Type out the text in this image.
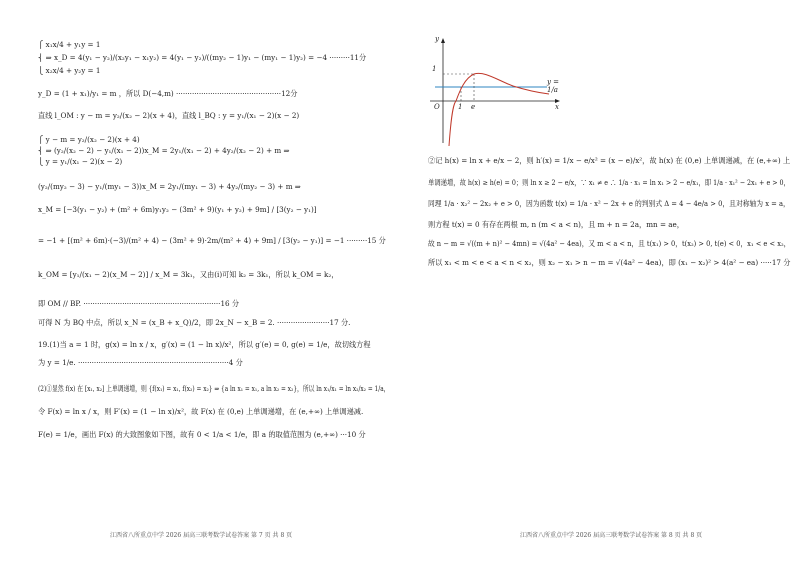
⎧ x₁x/4 + y₁y = 1
⎨ ⇒ x_D = 4(y₁ − y₂)/(x₂y₁ − x₁y₂) = 4(y₁ − y₂)/((my₂ − 1)y₁ − (my₁ − 1)y₂) = −4 ·········11分
⎩ x₂x/4 + y₂y = 1
y_D = (1 + x₁)/y₁ = m ，所以 D(−4,m) ··············································12分
直线 l_OM : y − m = y₂/(x₂ − 2)(x + 4)，直线 l_BQ : y = y₁/(x₁ − 2)(x − 2)
⎧ y − m = y₂/(x₂ − 2)(x + 4)
⎨ ⇒ (y₂/(x₂ − 2) − y₁/(x₁ − 2))x_M = 2y₁/(x₁ − 2) + 4y₂/(x₂ − 2) + m ⇒
⎩ y = y₁/(x₁ − 2)(x − 2)
(y₂/(my₂ − 3) − y₁/(my₁ − 3))x_M = 2y₁/(my₁ − 3) + 4y₂/(my₂ − 3) + m ⇒
x_M = [−3(y₁ − y₂) + (m² + 6m)y₁y₂ − (3m² + 9)(y₁ + y₂) + 9m] / [3(y₂ − y₁)]
= −1 + [(m² + 6m)·(−3)/(m² + 4) − (3m² + 9)·2m/(m² + 4) + 9m] / [3(y₂ − y₁)] = −1 ·········15 分
k_OM = [y₁/(x₁ − 2)(x_M − 2)] / x_M = 3k₁，又由(i)可知 k₂ = 3k₁，所以 k_OM = k₂，
即 OM // BP. ····························································16 分
可得 N 为 BQ 中点，所以 x_N = (x_B + x_Q)/2，即 2x_N − x_B = 2. ·······················17 分.
19.(1)当 a = 1 时，g(x) = ln x / x，g′(x) = (1 − ln x)/x²，所以 g′(e) = 0, g(e) = 1/e，故切线方程
为 y = 1/e. ··································································4 分
(2)①显然 f(x) 在 [x₁, x₂] 上单调递增，则 {f(x₁) = x₁, f(x₂) = x₂} ⇒ {a ln x₁ = x₁, a ln x₂ = x₂}，所以 ln x₁/x₁ = ln x₂/x₂ = 1/a，
令 F(x) = ln x / x，则 F′(x) = (1 − ln x)/x²，故 F(x) 在 (0,e) 上单调递增，在 (e,+∞) 上单调递减.
F(e) = 1/e，画出 F(x) 的大致图象如下图，故有 0 < 1/a < 1/e，即 a 的取值范围为 (e,+∞) ···10 分
江西省八所重点中学 2026 届高三联考数学试卷答案 第 7 页 共 8 页
y
x
O
1
1 e
y = 1/a
②记 h(x) = ln x + e/x − 2，则 h′(x) = 1/x − e/x² = (x − e)/x²，故 h(x) 在 (0,e) 上单调递减，在 (e,+∞) 上
单调递增，故 h(x) ≥ h(e) = 0；则 ln x ≥ 2 − e/x，∵ x₁ ≠ e ∴ 1/a · x₁ = ln x₁ > 2 − e/x₁，即 1/a · x₁² − 2x₁ + e > 0，
同理 1/a · x₂² − 2x₂ + e > 0，因为函数 t(x) = 1/a · x² − 2x + e 的判别式 Δ = 4 − 4e/a > 0，且对称轴为 x = a，
则方程 t(x) = 0 有存在两根 m, n (m < a < n)，且 m + n = 2a，mn = ae，
故 n − m = √((m + n)² − 4mn) = √(4a² − 4ea)，又 m < a < n，且 t(x₁) > 0，t(x₂) > 0, t(e) < 0，x₁ < e < x₂，
所以 x₁ < m < e < a < n < x₂，则 x₂ − x₁ > n − m = √(4a² − 4ea)，即 (x₁ − x₂)² > 4(a² − ea) ·····17 分
江西省八所重点中学 2026 届高三联考数学试卷答案 第 8 页 共 8 页
